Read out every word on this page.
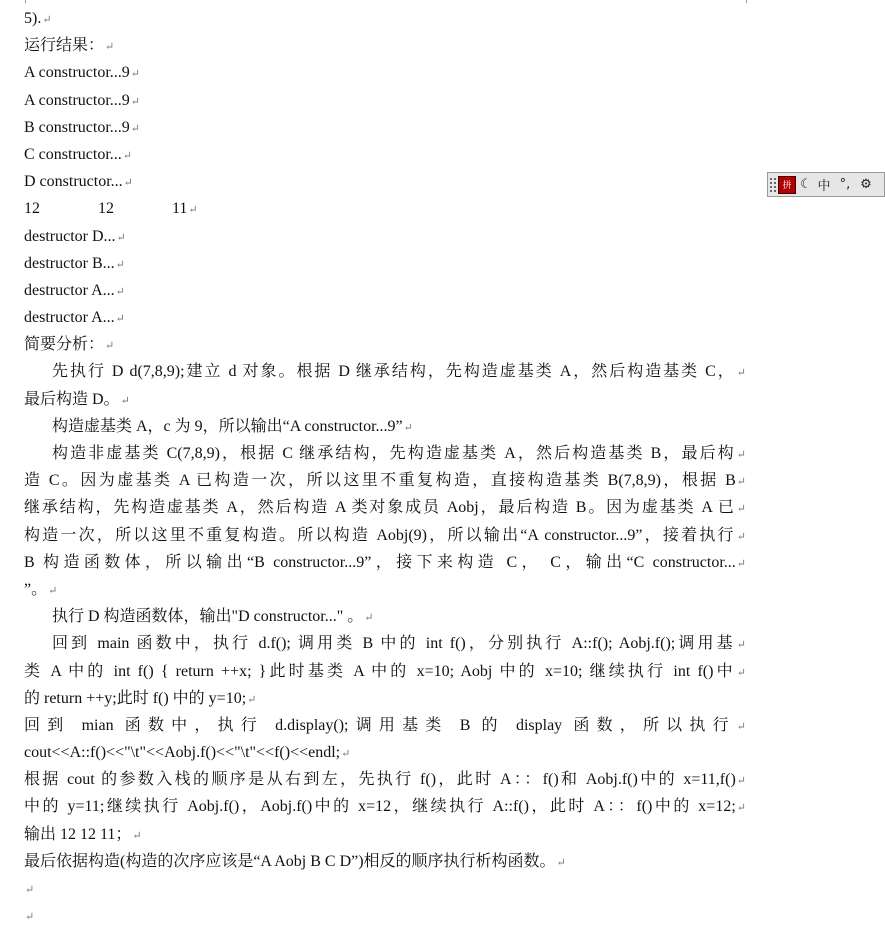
5).↵
运行结果：↵
A constructor...9↵
A constructor...9↵
B constructor...9↵
C constructor...↵
D constructor...↵
12	12	11↵
destructor D...↵
destructor B...↵
destructor A...↵
destructor A...↵
简要分析：↵
先执行 D d(7,8,9);建立 d 对象。根据 D 继承结构，先构造虚基类 A，然后构造基类 C，↵
最后构造 D。↵
构造虚基类 A，c 为 9，所以输出“A constructor...9”↵
构造非虚基类 C(7,8,9)，根据 C 继承结构，先构造虚基类 A，然后构造基类 B，最后构↵
造 C。因为虚基类 A 已构造一次，所以这里不重复构造，直接构造基类 B(7,8,9)，根据 B↵
继承结构，先构造虚基类 A，然后构造 A 类对象成员 Aobj，最后构造 B。因为虚基类 A 已↵
构造一次，所以这里不重复构造。所以构造 Aobj(9)，所以输出“A constructor...9”，接着执行↵
B 构造函数体，所以输出“B constructor...9”，接下来构造 C， C，输出“C constructor...↵
”。↵
执行 D 构造函数体，输出"D constructor..." 。↵
回到 main 函数中，执行 d.f(); 调用类 B 中的 int f()，分别执行 A::f(); Aobj.f();调用基↵
类 A 中的 int f() { return ++x; }此时基类 A 中的 x=10; Aobj 中的 x=10; 继续执行 int f()中↵
的 return ++y;此时 f() 中的 y=10;↵
回到 mian 函数中，执行 d.display();调用基类 B 的 display 函数，所以执行↵
cout<<A::f()<<"\t"<<Aobj.f()<<"\t"<<f()<<endl;↵
根据 cout 的参数入栈的顺序是从右到左，先执行 f()，此时 A：：f()和 Aobj.f()中的 x=11,f()↵
中的 y=11;继续执行 Aobj.f()，Aobj.f()中的 x=12，继续执行 A::f()，此时 A：：f()中的 x=12;↵
输出 12 12 11；↵
最后依据构造(构造的次序应该是“A Aobj B C D”)相反的顺序执行析构函数。↵
↵
↵
拼 ☾ 中 °, ⚙
